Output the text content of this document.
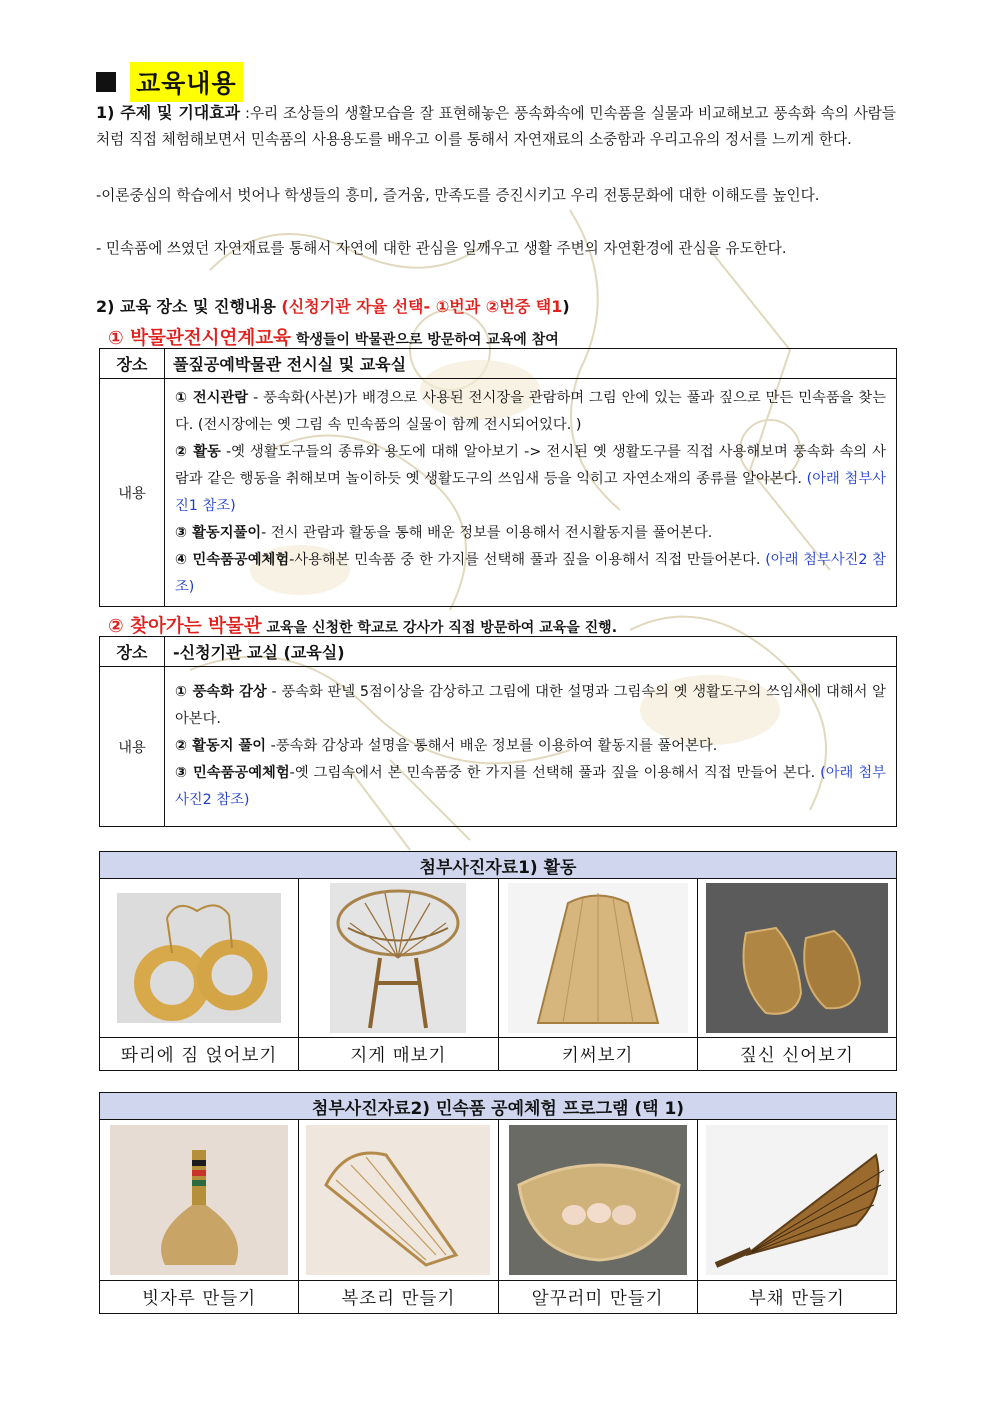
교육내용

1) 주제 및 기대효과 :우리 조상들의 생활모습을 잘 표현해놓은 풍속화속에 민속품을 실물과 비교해보고 풍속화 속의 사람들처럼 직접 체험해보면서 민속품의 사용용도를 배우고 이를 통해서 자연재료의 소중함과 우리고유의 정서를 느끼게 한다.

-이론중심의 학습에서 벗어나 학생들의 흥미, 즐거움, 만족도를 증진시키고 우리 전통문화에 대한 이해도를 높인다.

- 민속품에 쓰였던 자연재료를 통해서 자연에 대한 관심을 일깨우고 생활 주변의 자연환경에 관심을 유도한다.

2) 교육 장소 및 진행내용 (신청기관 자율 선택- ①번과 ②번중 택1)
① 박물관전시연계교육 학생들이 박물관으로 방문하여 교육에 참여
장소	풀짚공예박물관 전시실 및 교육실
내용	① 전시관람 - 풍속화(사본)가 배경으로 사용된 전시장을 관람하며 그림 안에 있는 풀과 짚으로 만든 민속품을 찾는다. (전시장에는 옛 그림 속 민속품의 실물이 함께 전시되어있다. )

② 활동 -옛 생활도구들의 종류와 용도에 대해 알아보기 -> 전시된 옛 생활도구를 직접 사용해보며 풍속화 속의 사람과 같은 행동을 취해보며 놀이하듯 옛 생활도구의 쓰임새 등을 익히고 자연소재의 종류를 알아본다. (아래 첨부사진1 참조)

③ 활동지풀이- 전시 관람과 활동을 통해 배운 정보를 이용해서 전시활동지를 풀어본다.

④ 민속품공예체험-사용해본 민속품 중 한 가지를 선택해 풀과 짚을 이용해서 직접 만들어본다. (아래 첨부사진2 참조)

② 찾아가는 박물관 교육을 신청한 학교로 강사가 직접 방문하여 교육을 진행.
장소	-신청기관 교실 (교육실)
내용	① 풍속화 감상 - 풍속화 판넬 5점이상을 감상하고 그림에 대한 설명과 그림속의 옛 생활도구의 쓰임새에 대해서 알아본다.

② 활동지 풀이 -풍속화 감상과 설명을 통해서 배운 정보를 이용하여 활동지를 풀어본다.

③ 민속품공예체험-옛 그림속에서 본 민속품중 한 가지를 선택해 풀과 짚을 이용해서 직접 만들어 본다. (아래 첨부사진2 참조)

첨부사진자료1) 활동			

똬리에 짐 얹어보기	지게 매보기	키써보기	짚신 신어보기
첨부사진자료2) 민속품 공예체험 프로그램 (택 1)			

빗자루 만들기	복조리 만들기	알꾸러미 만들기	부채 만들기
